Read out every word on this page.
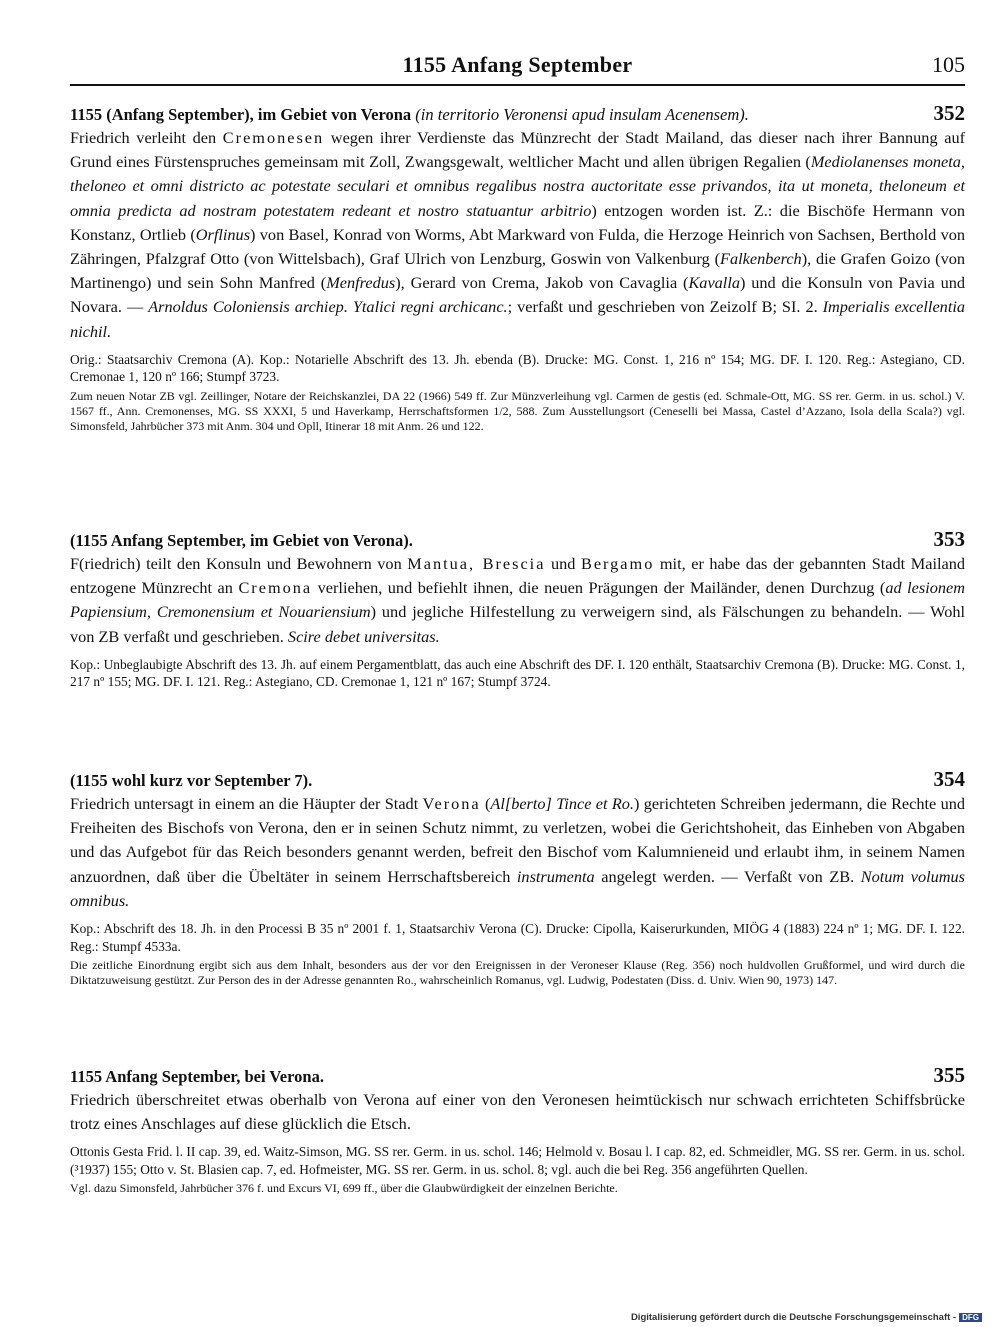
1155 Anfang September	105
1155 (Anfang September), im Gebiet von Verona (in territorio Veronensi apud insulam Acenensem).	352
Friedrich verleiht den Cremonesen wegen ihrer Verdienste das Münzrecht der Stadt Mailand, das dieser nach ihrer Bannung auf Grund eines Fürstenspruches gemeinsam mit Zoll, Zwangsgewalt, weltlicher Macht und allen übrigen Regalien (Mediolanenses moneta, theloneo et omni districto ac potestate seculari et omnibus regalibus nostra auctoritate esse privandos, ita ut moneta, theloneum et omnia predicta ad nostram potestatem redeant et nostro statuantur arbitrio) entzogen worden ist. Z.: die Bischöfe Hermann von Konstanz, Ortlieb (Orflinus) von Basel, Konrad von Worms, Abt Markward von Fulda, die Herzoge Heinrich von Sachsen, Berthold von Zähringen, Pfalzgraf Otto (von Wittelsbach), Graf Ulrich von Lenzburg, Goswin von Valkenburg (Falkenberch), die Grafen Goizo (von Martinengo) und sein Sohn Manfred (Menfredus), Gerard von Crema, Jakob von Cavaglia (Kavalla) und die Konsuln von Pavia und Novara. — Arnoldus Coloniensis archiep. Ytalici regni archicanc.; verfaßt und geschrieben von Zeizolf B; SI. 2. Imperialis excellentia nichil.
Orig.: Staatsarchiv Cremona (A). Kop.: Notarielle Abschrift des 13. Jh. ebenda (B). Drucke: MG. Const. 1, 216 nº 154; MG. DF. I. 120. Reg.: Astegiano, CD. Cremonae 1, 120 nº 166; Stumpf 3723.
Zum neuen Notar ZB vgl. Zeillinger, Notare der Reichskanzlei, DA 22 (1966) 549 ff. Zur Münzverleihung vgl. Carmen de gestis (ed. Schmale-Ott, MG. SS rer. Germ. in us. schol.) V. 1567 ff., Ann. Cremonenses, MG. SS XXXI, 5 und Haverkamp, Herrschaftsformen 1/2, 588. Zum Ausstellungsort (Ceneselli bei Massa, Castel d’Azzano, Isola della Scala?) vgl. Simonsfeld, Jahrbücher 373 mit Anm. 304 und Opll, Itinerar 18 mit Anm. 26 und 122.
(1155 Anfang September, im Gebiet von Verona).	353
F(riedrich) teilt den Konsuln und Bewohnern von Mantua, Brescia und Bergamo mit, er habe das der gebannten Stadt Mailand entzogene Münzrecht an Cremona verliehen, und befiehlt ihnen, die neuen Prägungen der Mailänder, denen Durchzug (ad lesionem Papiensium, Cremonensium et Nouariensium) und jegliche Hilfestellung zu verweigern sind, als Fälschungen zu behandeln. — Wohl von ZB verfaßt und geschrieben. Scire debet universitas.
Kop.: Unbeglaubigte Abschrift des 13. Jh. auf einem Pergamentblatt, das auch eine Abschrift des DF. I. 120 enthält, Staatsarchiv Cremona (B). Drucke: MG. Const. 1, 217 nº 155; MG. DF. I. 121. Reg.: Astegiano, CD. Cremonae 1, 121 nº 167; Stumpf 3724.
(1155 wohl kurz vor September 7).	354
Friedrich untersagt in einem an die Häupter der Stadt Verona (Al[berto] Tince et Ro.) gerichteten Schreiben jedermann, die Rechte und Freiheiten des Bischofs von Verona, den er in seinen Schutz nimmt, zu verletzen, wobei die Gerichtshoheit, das Einheben von Abgaben und das Aufgebot für das Reich besonders genannt werden, befreit den Bischof vom Kalumnieneid und erlaubt ihm, in seinem Namen anzuordnen, daß über die Übeltäter in seinem Herrschaftsbereich instrumenta angelegt werden. — Verfaßt von ZB. Notum volumus omnibus.
Kop.: Abschrift des 18. Jh. in den Processi B 35 nº 2001 f. 1, Staatsarchiv Verona (C). Drucke: Cipolla, Kaiserurkunden, MIÖG 4 (1883) 224 nº 1; MG. DF. I. 122. Reg.: Stumpf 4533a.
Die zeitliche Einordnung ergibt sich aus dem Inhalt, besonders aus der vor den Ereignissen in der Veroneser Klause (Reg. 356) noch huldvollen Grußformel, und wird durch die Diktatzuweisung gestützt. Zur Person des in der Adresse genannten Ro., wahrscheinlich Romanus, vgl. Ludwig, Podestaten (Diss. d. Univ. Wien 90, 1973) 147.
1155 Anfang September, bei Verona.	355
Friedrich überschreitet etwas oberhalb von Verona auf einer von den Veronesen heimtückisch nur schwach errichteten Schiffsbrücke trotz eines Anschlages auf diese glücklich die Etsch.
Ottonis Gesta Frid. l. II cap. 39, ed. Waitz-Simson, MG. SS rer. Germ. in us. schol. 146; Helmold v. Bosau l. I cap. 82, ed. Schmeidler, MG. SS rer. Germ. in us. schol. (³1937) 155; Otto v. St. Blasien cap. 7, ed. Hofmeister, MG. SS rer. Germ. in us. schol. 8; vgl. auch die bei Reg. 356 angeführten Quellen.
Vgl. dazu Simonsfeld, Jahrbücher 376 f. und Excurs VI, 699 ff., über die Glaubwürdigkeit der einzelnen Berichte.
Digitalisierung gefördert durch die Deutsche Forschungsgemeinschaft - DFG
